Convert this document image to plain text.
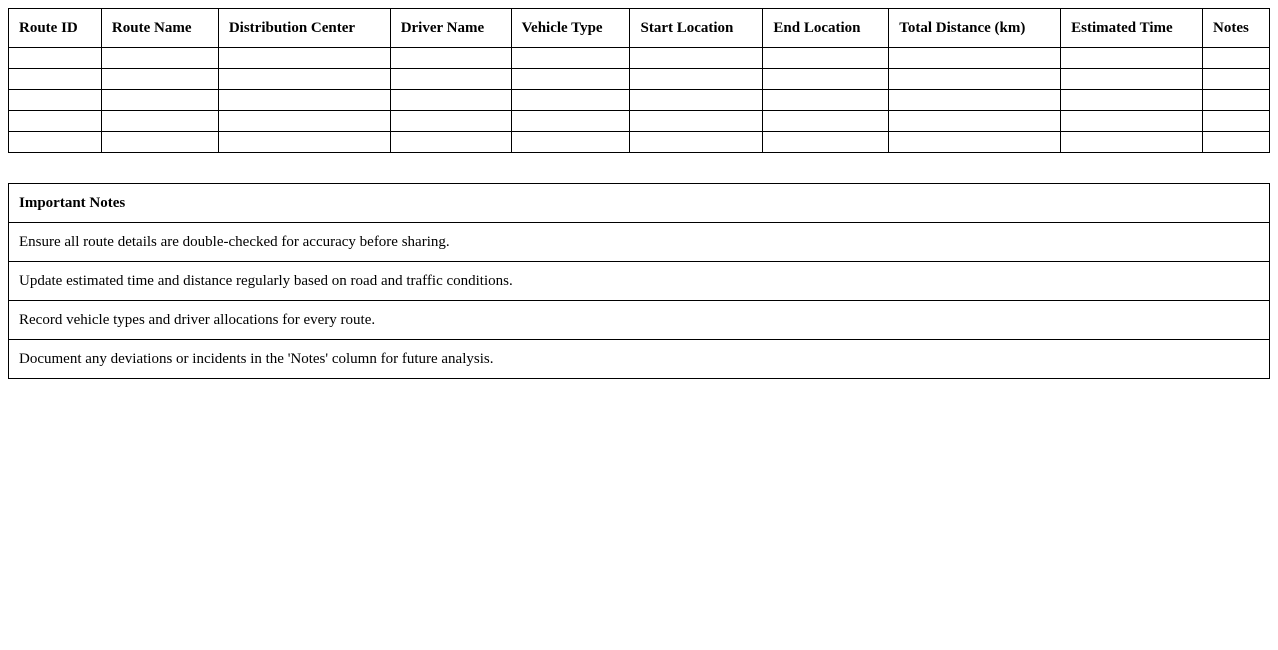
Route ID	Route Name	Distribution Center	Driver Name	Vehicle Type	Start Location	End Location	Total Distance (km)	Estimated Time	Notes

Important Notes
Ensure all route details are double-checked for accuracy before sharing.
Update estimated time and distance regularly based on road and traffic conditions.
Record vehicle types and driver allocations for every route.
Document any deviations or incidents in the 'Notes' column for future analysis.
